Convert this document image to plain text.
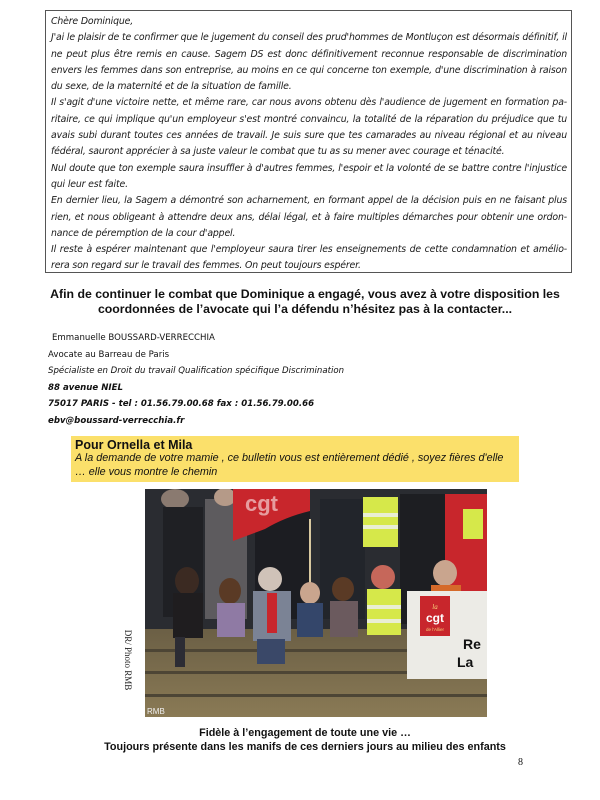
Chère Dominique,

J'ai le plaisir de te confirmer que le jugement du conseil des prud'hommes de Montluçon est désormais définitif, il ne peut plus être remis en cause. Sagem DS est donc définitivement reconnue responsable de discrimination envers les femmes dans son entreprise, au moins en ce qui concerne ton exemple, d'une discrimination à raison du sexe, de la maternité et de la situation de famille.

Il s'agit d'une victoire nette, et même rare, car nous avons obtenu dès l'audience de jugement en formation pa-ritaire, ce qui implique qu'un employeur s'est montré convaincu, la totalité de la réparation du préjudice que tu avais subi durant toutes ces années de travail. Je suis sure que tes camarades au niveau régional et au niveau fédéral, sauront apprécier à sa juste valeur le combat que tu as su mener avec courage et ténacité.

Nul doute que ton exemple saura insuffler à d'autres femmes, l'espoir et la volonté de se battre contre l'injustice qui leur est faite.

En dernier lieu, la Sagem a démontré son acharnement, en formant appel de la décision puis en ne faisant plus rien, et nous obligeant à attendre deux ans, délai légal, et à faire multiples démarches pour obtenir une ordon-nance de péremption de la cour d'appel.

Il reste à espérer maintenant que l'employeur saura tirer les enseignements de cette condamnation et amélio-rera son regard sur le travail des femmes. On peut toujours espérer.

Afin de continuer le combat que Dominique a engagé, vous avez à votre disposition les
coordonnées de l’avocate qui l’a défendu n’hésitez pas à la contacter...
Emmanuelle BOUSSARD-VERRECCHIA
Avocate au Barreau de Paris
Spécialiste en Droit du travail Qualification spécifique Discrimination
88 avenue NIEL
75017 PARIS - tel : 01.56.79.00.68 fax : 01.56.79.00.66
ebv@boussard-verrecchia.fr
Pour Ornella et Mila
A la demande de votre mamie , ce bulletin vous est entièrement dédié , soyez fières d'elle
… elle vous montre le chemin
DR/ Photo RMB
cgt
la
cgt
de l'Allier
Re
La
RMB
Fidèle à l’engagement de toute une vie …
Toujours présente dans les manifs de ces derniers jours au milieu des enfants
8
